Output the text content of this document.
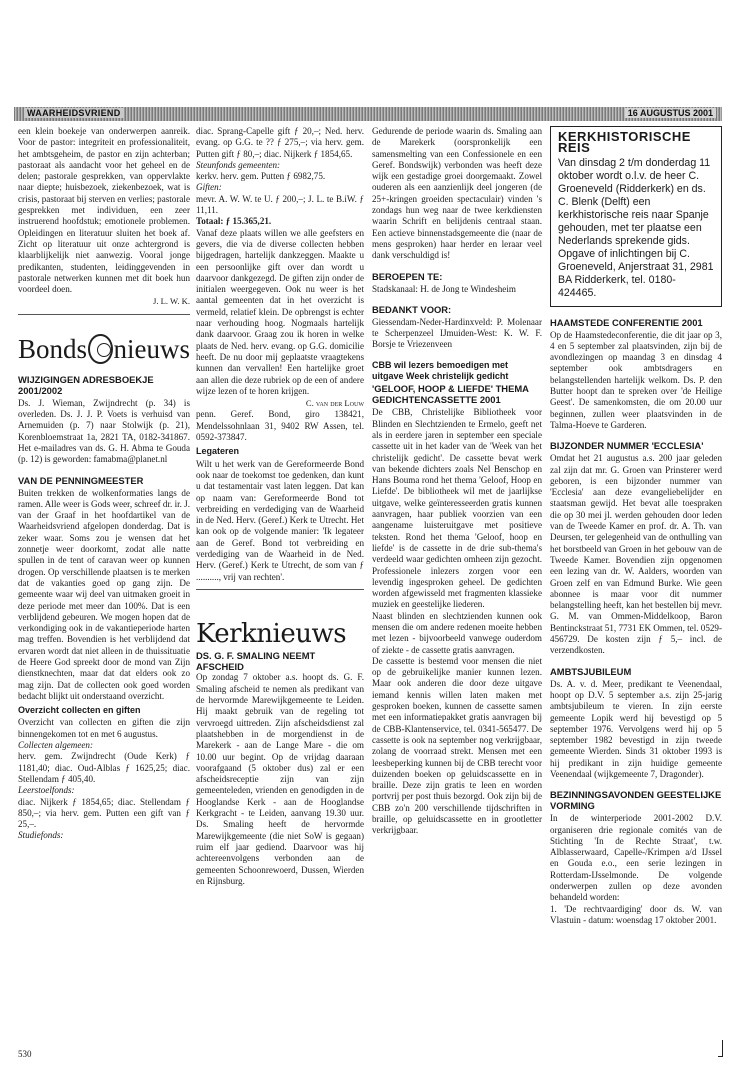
WAARHEIDSVRIEND	16 AUGUSTUS 2001

een klein boekeje van onderwerpen aanreik. Voor de pastor: integriteit en professionaliteit, het ambtsgeheim, de pastor en zijn achterban; pastoraat als aandacht voor het geheel en de delen; pastorale gesprekken, van oppervlakte naar diepte; huisbezoek, ziekenbezoek, wat is crisis, pastoraat bij sterven en verlies; pastorale gesprekken met individuen, een zeer instruerend hoofdstuk; emotionele problemen. Opleidingen en literatuur sluiten het boek af. Zicht op literatuur uit onze achtergrond is klaarblijkelijk niet aanwezig. Vooral jonge predikanten, studenten, leidinggevenden in pastorale netwerken kunnen met dit boek hun voordeel doen.

J. L. W. K.
Bonds nieuws
WIJZIGINGEN ADRESBOEKJE 2001/2002

Ds. J. Wieman, Zwijndrecht (p. 34) is overleden. Ds. J. J. P. Voets is verhuisd van Arnemuiden (p. 7) naar Stolwijk (p. 21), Korenbloemstraat 1a, 2821 TA, 0182-341867. Het e-mailadres van ds. G. H. Abma te Gouda (p. 12) is geworden: famabma@planet.nl

VAN DE PENNINGMEESTER

Buiten trekken de wolkenformaties langs de ramen. Alle weer is Gods weer, schreef dr. ir. J. van der Graaf in het hoofdartikel van de Waarheidsvriend afgelopen donderdag. Dat is zeker waar. Soms zou je wensen dat het zonnetje weer doorkomt, zodat alle natte spullen in de tent of caravan weer op kunnen drogen. Op verschillende plaatsen is te merken dat de vakanties goed op gang zijn. De gemeente waar wij deel van uitmaken groeit in deze periode met meer dan 100%. Dat is een verblijdend gebeuren. We mogen hopen dat de verkondiging ook in de vakantieperiode harten mag treffen. Bovendien is het verblijdend dat ervaren wordt dat niet alleen in de thuissituatie de Heere God spreekt door de mond van Zijn dienstknechten, maar dat dat elders ook zo mag zijn. Dat de collecten ook goed worden bedacht blijkt uit onderstaand overzicht.

Overzicht collecten en giften

Overzicht van collecten en giften die zijn binnengekomen tot en met 6 augustus.

Collecten algemeen:

herv. gem. Zwijndrecht (Oude Kerk) ƒ 1181,40; diac. Oud-Alblas ƒ 1625,25; diac. Stellendam ƒ 405,40.

Leerstoelfonds:

diac. Nijkerk ƒ 1854,65; diac. Stellendam ƒ 850,–; via herv. gem. Putten een gift van ƒ 25,–.

Studiefonds:

diac. Sprang-Capelle gift ƒ 20,–; Ned. herv. evang. op G.G. te ?? ƒ 275,–; via herv. gem. Putten gift ƒ 80,–; diac. Nijkerk ƒ 1854,65.

Steunfonds gemeenten:

kerkv. herv. gem. Putten ƒ 6982,75.

Giften:

mevr. A. W. W. te U. ƒ 200,–; J. L. te B.iW. ƒ 11,11.

Totaal: ƒ 15.365,21.

Vanaf deze plaats willen we alle geefsters en gevers, die via de diverse collecten hebben bijgedragen, hartelijk dankzeggen. Maakte u een persoonlijke gift over dan wordt u daarvoor dankgezegd. De giften zijn onder de initialen weergegeven. Ook nu weer is het aantal gemeenten dat in het overzicht is vermeld, relatief klein. De opbrengst is echter naar verhouding hoog. Nogmaals hartelijk dank daarvoor. Graag zou ik horen in welke plaats de Ned. herv. evang. op G.G. domicilie heeft. De nu door mij geplaatste vraagtekens kunnen dan vervallen! Een hartelijke groet aan allen die deze rubriek op de een of andere wijze lezen of te horen krijgen.

C. van der Louw

penn. Geref. Bond, giro 138421, Mendelssohnlaan 31, 9402 RW Assen, tel. 0592-373847.

Legateren

Wilt u het werk van de Gereformeerde Bond ook naar de toekomst toe gedenken, dan kunt u dat testamentair vast laten leggen. Dat kan op naam van: Gereformeerde Bond tot verbreiding en verdediging van de Waarheid in de Ned. Herv. (Geref.) Kerk te Utrecht. Het kan ook op de volgende manier: 'Ik legateer aan de Geref. Bond tot verbreiding en verdediging van de Waarheid in de Ned. Herv. (Geref.) Kerk te Utrecht, de som van ƒ .........., vrij van rechten'.

Kerknieuws
DS. G. F. SMALING NEEMT AFSCHEID

Op zondag 7 oktober a.s. hoopt ds. G. F. Smaling afscheid te nemen als predikant van de hervormde Marewijkgemeente te Leiden. Hij maakt gebruik van de regeling tot vervroegd uittreden. Zijn afscheidsdienst zal plaatshebben in de morgendienst in de Marekerk - aan de Lange Mare - die om 10.00 uur begint. Op de vrijdag daaraan voorafgaand (5 oktober dus) zal er een afscheidsreceptie zijn van zijn gemeenteleden, vrienden en genodigden in de Hooglandse Kerk - aan de Hooglandse Kerkgracht - te Leiden, aanvang 19.30 uur. Ds. Smaling heeft de hervormde Marewijkgemeente (die niet SoW is gegaan) ruim elf jaar gediend. Daarvoor was hij achtereenvolgens verbonden aan de gemeenten Schoonrewoerd, Dussen, Wierden en Rijnsburg.

Gedurende de periode waarin ds. Smaling aan de Marekerk (oorspronkelijk een samensmelting van een Confessionele en een Geref. Bondswijk) verbonden was heeft deze wijk een gestadige groei doorgemaakt. Zowel ouderen als een aanzienlijk deel jongeren (de 25+-kringen groeiden spectaculair) vinden 's zondags hun weg naar de twee kerkdiensten waarin Schrift en belijdenis centraal staan. Een actieve binnenstadsgemeente die (naar de mens gesproken) haar herder en leraar veel dank verschuldigd is!

BEROEPEN TE:

Stadskanaal: H. de Jong te Windesheim

BEDANKT VOOR:

Giessendam-Neder-Hardinxveld: P. Molenaar te Scherpenzeel IJmuiden-West: K. W. F. Borsje te Vriezenveen

CBB wil lezers bemoedigen met uitgave Week christelijk gedicht
'GELOOF, HOOP & LIEFDE' THEMA GEDICHTENCASSETTE 2001

De CBB, Christelijke Bibliotheek voor Blinden en Slechtzienden te Ermelo, geeft net als in eerdere jaren in september een speciale cassette uit in het kader van de 'Week van het christelijk gedicht'. De cassette bevat werk van bekende dichters zoals Nel Benschop en Hans Bouma rond het thema 'Geloof, Hoop en Liefde'. De bibliotheek wil met de jaarlijkse uitgave, welke geïnteresseerden gratis kunnen aanvragen, haar publiek voorzien van een aangename luisteruitgave met positieve teksten. Rond het thema 'Geloof, hoop en liefde' is de cassette in de drie sub-thema's verdeeld waar gedichten omheen zijn gezocht. Professionele inlezers zorgen voor een levendig ingesproken geheel. De gedichten worden afgewisseld met fragmenten klassieke muziek en geestelijke liederen.

Naast blinden en slechtzienden kunnen ook mensen die om andere redenen moeite hebben met lezen - bijvoorbeeld vanwege ouderdom of ziekte - de cassette gratis aanvragen.

De cassette is bestemd voor mensen die niet op de gebruikelijke manier kunnen lezen. Maar ook anderen die door deze uitgave iemand kennis willen laten maken met gesproken boeken, kunnen de cassette samen met een informatiepakket gratis aanvragen bij de CBB-Klantenservice, tel. 0341-565477. De cassette is ook na september nog verkrijgbaar, zolang de voorraad strekt. Mensen met een leesbeperking kunnen bij de CBB terecht voor duizenden boeken op geluidscassette en in braille. Deze zijn gratis te leen en worden portvrij per post thuis bezorgd. Ook zijn bij de CBB zo'n 200 verschillende tijdschriften in braille, op geluidscassette en in grootletter verkrijgbaar.

KERKHISTORISCHE REIS

Van dinsdag 2 t/m donderdag 11 oktober wordt o.l.v. de heer C. Groeneveld (Ridderkerk) en ds. C. Blenk (Delft) een kerkhistorische reis naar Spanje gehouden, met ter plaatse een Nederlands sprekende gids. Opgave of inlichtingen bij C. Groeneveld, Anjerstraat 31, 2981 BA Ridderkerk, tel. 0180-424465.

HAAMSTEDE CONFERENTIE 2001

Op de Haamstedeconferentie, die dit jaar op 3, 4 en 5 september zal plaatsvinden, zijn bij de avondlezingen op maandag 3 en dinsdag 4 september ook ambtsdragers en belangstellenden hartelijk welkom. Ds. P. den Butter hoopt dan te spreken over 'de Heilige Geest'. De samenkomsten, die om 20.00 uur beginnen, zullen weer plaatsvinden in de Talma-Hoeve te Garderen.

BIJZONDER NUMMER 'ECCLESIA'

Omdat het 21 augustus a.s. 200 jaar geleden zal zijn dat mr. G. Groen van Prinsterer werd geboren, is een bijzonder nummer van 'Ecclesia' aan deze evangeliebelijder en staatsman gewijd. Het bevat alle toespraken die op 30 mei jl. werden gehouden door leden van de Tweede Kamer en prof. dr. A. Th. van Deursen, ter gelegenheid van de onthulling van het borstbeeld van Groen in het gebouw van de Tweede Kamer. Bovendien zijn opgenomen een lezing van dr. W. Aalders, woorden van Groen zelf en van Edmund Burke. Wie geen abonnee is maar voor dit nummer belangstelling heeft, kan het bestellen bij mevr. G. M. van Ommen-Middelkoop, Baron Bentinckstraat 51, 7731 EK Ommen, tel. 0529-456729. De kosten zijn ƒ 5,– incl. de verzendkosten.

AMBTSJUBILEUM

Ds. A. v. d. Meer, predikant te Veenendaal, hoopt op D.V. 5 september a.s. zijn 25-jarig ambtsjubileum te vieren. In zijn eerste gemeente Lopik werd hij bevestigd op 5 september 1976. Vervolgens werd hij op 5 september 1982 bevestigd in zijn tweede gemeente Wierden. Sinds 31 oktober 1993 is hij predikant in zijn huidige gemeente Veenendaal (wijkgemeente 7, Dragonder).

BEZINNINGSAVONDEN GEESTELIJKE VORMING

In de winterperiode 2001-2002 D.V. organiseren drie regionale comités van de Stichting 'In de Rechte Straat', t.w. Alblasserwaard, Capelle-/Krimpen a/d IJssel en Gouda e.o., een serie lezingen in Rotterdam-IJsselmonde. De volgende onderwerpen zullen op deze avonden behandeld worden:

1. 'De rechtvaardiging' door ds. W. van Vlastuin - datum: woensdag 17 oktober 2001.

530
